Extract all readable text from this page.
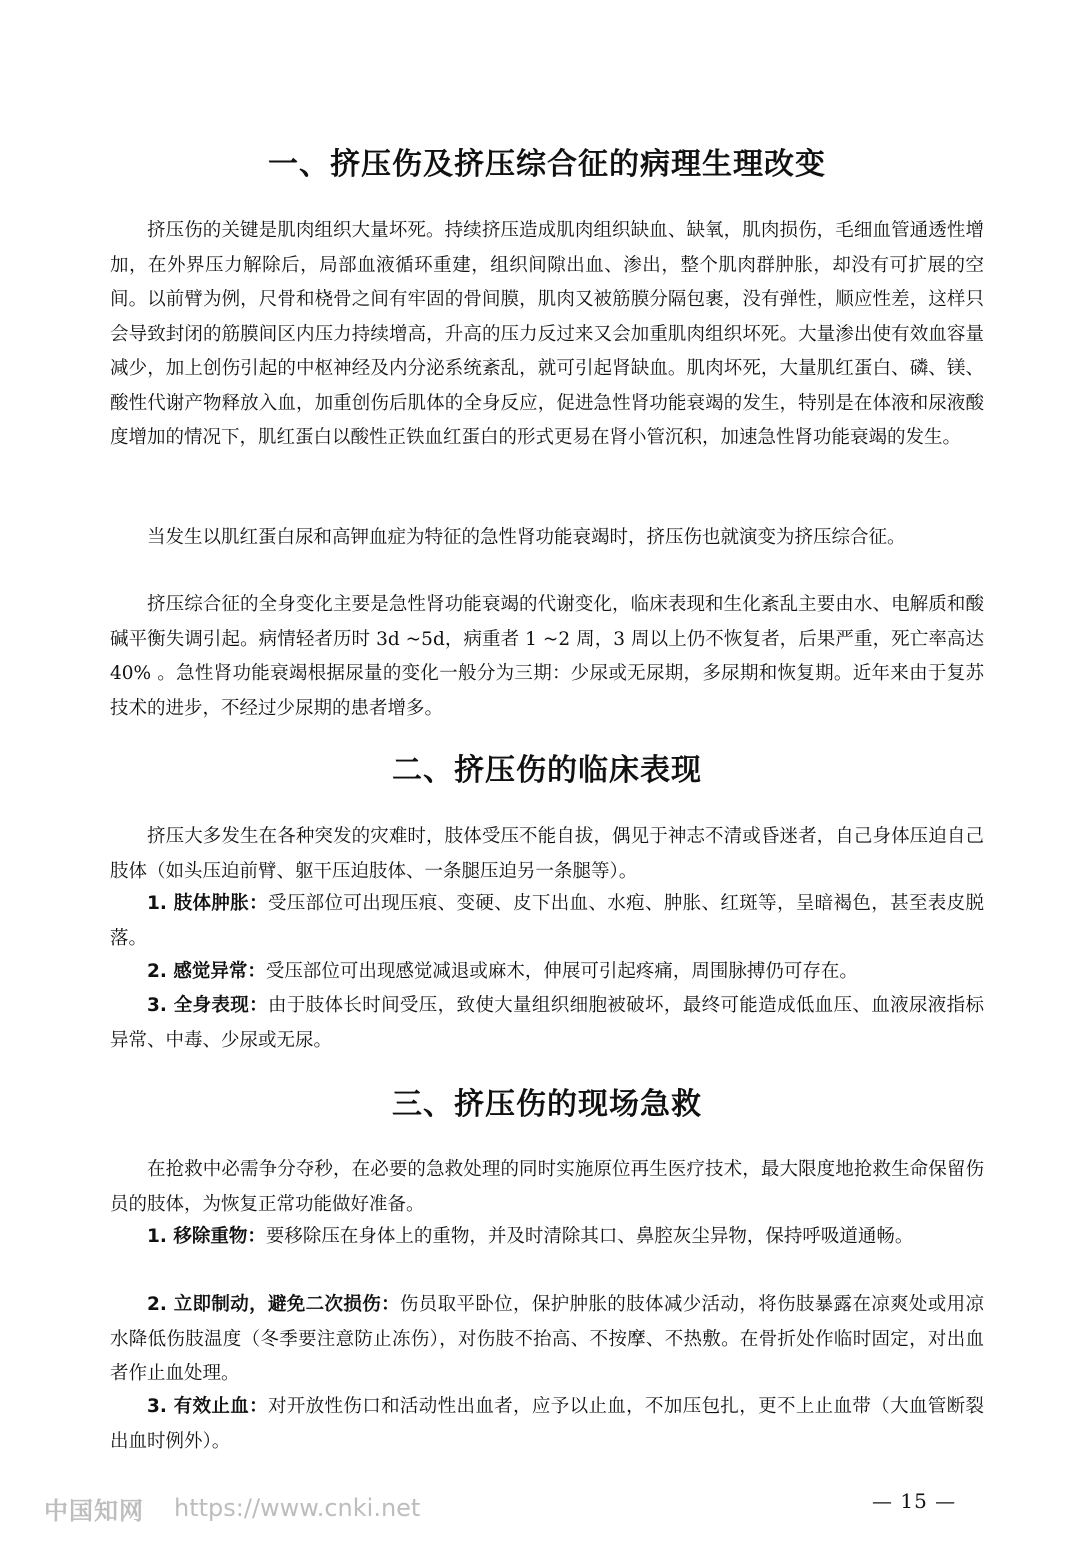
一、挤压伤及挤压综合征的病理生理改变

挤压伤的关键是肌肉组织大量坏死。持续挤压造成肌肉组织缺血、缺氧，肌肉损伤，毛细血管通透性增加，在外界压力解除后，局部血液循环重建，组织间隙出血、渗出，整个肌肉群肿胀，却没有可扩展的空间。以前臂为例，尺骨和桡骨之间有牢固的骨间膜，肌肉又被筋膜分隔包裹，没有弹性，顺应性差，这样只会导致封闭的筋膜间区内压力持续增高，升高的压力反过来又会加重肌肉组织坏死。大量渗出使有效血容量减少，加上创伤引起的中枢神经及内分泌系统紊乱，就可引起肾缺血。肌肉坏死，大量肌红蛋白、磷、镁、酸性代谢产物释放入血，加重创伤后肌体的全身反应，促进急性肾功能衰竭的发生，特别是在体液和尿液酸度增加的情况下，肌红蛋白以酸性正铁血红蛋白的形式更易在肾小管沉积，加速急性肾功能衰竭的发生。

当发生以肌红蛋白尿和高钾血症为特征的急性肾功能衰竭时，挤压伤也就演变为挤压综合征。

挤压综合征的全身变化主要是急性肾功能衰竭的代谢变化，临床表现和生化紊乱主要由水、电解质和酸碱平衡失调引起。病情轻者历时 3d ~5d，病重者 1 ~2 周，3 周以上仍不恢复者，后果严重，死亡率高达 40% 。急性肾功能衰竭根据尿量的变化一般分为三期：少尿或无尿期，多尿期和恢复期。近年来由于复苏技术的进步，不经过少尿期的患者增多。

二、挤压伤的临床表现

挤压大多发生在各种突发的灾难时，肢体受压不能自拔，偶见于神志不清或昏迷者，自己身体压迫自己肢体（如头压迫前臂、躯干压迫肢体、一条腿压迫另一条腿等）。

1. 肢体肿胀：受压部位可出现压痕、变硬、皮下出血、水疱、肿胀、红斑等，呈暗褐色，甚至表皮脱落。

2. 感觉异常：受压部位可出现感觉减退或麻木，伸展可引起疼痛，周围脉搏仍可存在。

3. 全身表现：由于肢体长时间受压，致使大量组织细胞被破坏，最终可能造成低血压、血液尿液指标异常、中毒、少尿或无尿。

三、挤压伤的现场急救

在抢救中必需争分夺秒，在必要的急救处理的同时实施原位再生医疗技术，最大限度地抢救生命保留伤员的肢体，为恢复正常功能做好准备。

1. 移除重物：要移除压在身体上的重物，并及时清除其口、鼻腔灰尘异物，保持呼吸道通畅。

2. 立即制动，避免二次损伤：伤员取平卧位，保护肿胀的肢体减少活动，将伤肢暴露在凉爽处或用凉水降低伤肢温度（冬季要注意防止冻伤），对伤肢不抬高、不按摩、不热敷。在骨折处作临时固定，对出血者作止血处理。

3. 有效止血：对开放性伤口和活动性出血者，应予以止血，不加压包扎，更不上止血带（大血管断裂出血时例外）。

— 15 —
中国知网 https://www.cnki.net
